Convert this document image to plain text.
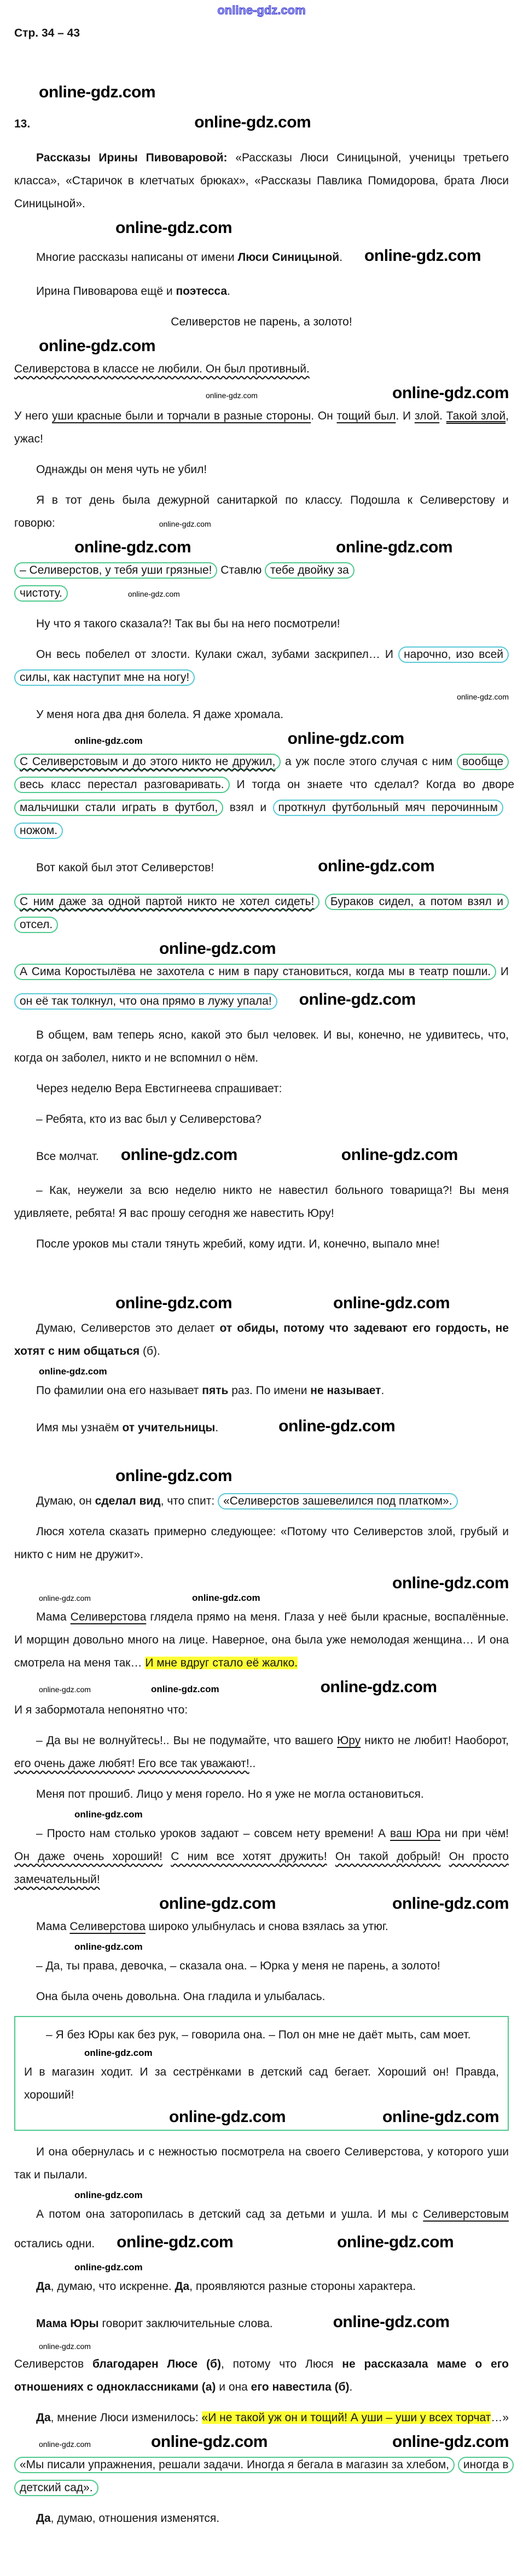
online-gdz.com

Стр. 34 – 43

online-gdz.com

13.	online-gdz.com

Рассказы Ирины Пивоваровой: «Рассказы Люси Синицыной, ученицы третьего класса», «Старичок в клетчатых брюках», «Рассказы Павлика Помидорова, брата Люси Синицыной».

online-gdz.com

Многие рассказы написаны от имени Люси Синицыной. online-gdz.com

Ирина Пивоварова ещё и поэтесса.

Селиверстов не парень, а золото!

online-gdz.com

Селиверстова в классе не любили. Он был противный.

online-gdz.com	online-gdz.com

У него уши красные были и торчали в разные стороны. Он тощий был. И злой. Такой злой, ужас!

Однажды он меня чуть не убил!

Я в тот день была дежурной санитаркой по классу. Подошла к Селиверстову и говорю:	online-gdz.com

online-gdz.com	online-gdz.com

– Селиверстов, у тебя уши грязные! Ставлю тебе двойку за чистоту.	online-gdz.com

Ну что я такого сказала?! Так вы бы на него посмотрели!

Он весь побелел от злости. Кулаки сжал, зубами заскрипел… И нарочно, изо всей силы, как наступит мне на ногу!

online-gdz.com

У меня нога два дня болела. Я даже хромала.

online-gdz.com	online-gdz.com

С Селиверстовым и до этого никто не дружил, а уж после этого случая с ним вообще весь класс перестал разговаривать. И тогда он знаете что сделал? Когда во дворе мальчишки стали играть в футбол, взял и проткнул футбольный мяч перочинным ножом.

Вот какой был этот Селиверстов!	online-gdz.com

С ним даже за одной партой никто не хотел сидеть! Бураков сидел, а потом взял и отсел.

online-gdz.com

А Сима Коростылёва не захотела с ним в пару становиться, когда мы в театр пошли. И он её так толкнул, что она прямо в лужу упала! online-gdz.com

В общем, вам теперь ясно, какой это был человек. И вы, конечно, не удивитесь, что, когда он заболел, никто и не вспомнил о нём.

Через неделю Вера Евстигнеева спрашивает:

– Ребята, кто из вас был у Селиверстова?

Все молчат. online-gdz.com	online-gdz.com

– Как, неужели за всю неделю никто не навестил больного товарища?! Вы меня удивляете, ребята! Я вас прошу сегодня же навестить Юру!

После уроков мы стали тянуть жребий, кому идти. И, конечно, выпало мне!

online-gdz.com	online-gdz.com

Думаю, Селиверстов это делает от обиды, потому что задевают его гордость, не хотят с ним общаться (б).

online-gdz.com

По фамилии она его называет пять раз. По имени не называет.

Имя мы узнаём от учительницы.	online-gdz.com

online-gdz.com

Думаю, он сделал вид, что спит: «Селиверстов зашевелился под платком».

Люся хотела сказать примерно следующее: «Потому что Селиверстов злой, грубый и никто с ним не дружит».

online-gdz.com
online-gdz.com	online-gdz.com

Мама Селиверстова глядела прямо на меня. Глаза у неё были красные, воспалённые. И морщин довольно много на лице. Наверное, она была уже немолодая женщина… И она смотрела на меня так… И мне вдруг стало её жалко.

online-gdz.com	online-gdz.com	online-gdz.com

И я забормотала непонятно что:

– Да вы не волнуйтесь!.. Вы не подумайте, что вашего Юру никто не любит! Наоборот, его очень даже любят! Его все так уважают!..

Меня пот прошиб. Лицо у меня горело. Но я уже не могла остановиться.

online-gdz.com

– Просто нам столько уроков задают – совсем нету времени! А ваш Юра ни при чём! Он даже очень хороший! С ним все хотят дружить! Он такой добрый! Он просто замечательный!

online-gdz.com	online-gdz.com

Мама Селиверстова широко улыбнулась и снова взялась за утюг.

online-gdz.com

– Да, ты права, девочка, – сказала она. – Юрка у меня не парень, а золото!

Она была очень довольна. Она гладила и улыбалась.

– Я без Юры как без рук, – говорила она. – Пол он мне не даёт мыть, сам моет.

online-gdz.com

И в магазин ходит. И за сестрёнками в детский сад бегает. Хороший он! Правда, хороший!

online-gdz.com	online-gdz.com

И она обернулась и с нежностью посмотрела на своего Селиверстова, у которого уши так и пылали.

online-gdz.com

А потом она заторопилась в детский сад за детьми и ушла. И мы с Селиверстовым остались одни. online-gdz.com	online-gdz.com

online-gdz.com

Да, думаю, что искренне. Да, проявляются разные стороны характера.

Мама Юры говорит заключительные слова.	online-gdz.com

online-gdz.com

Селиверстов благодарен Люсе (б), потому что Люся не рассказала маме о его отношениях с одноклассниками (а) и она его навестила (б).

Да, мнение Люси изменилось: «И не такой уж он и тощий! А уши – уши у всех торчат…»

online-gdz.com	online-gdz.com	online-gdz.com

«Мы писали упражнения, решали задачи. Иногда я бегала в магазин за хлебом, иногда в детский сад».

Да, думаю, отношения изменятся.
